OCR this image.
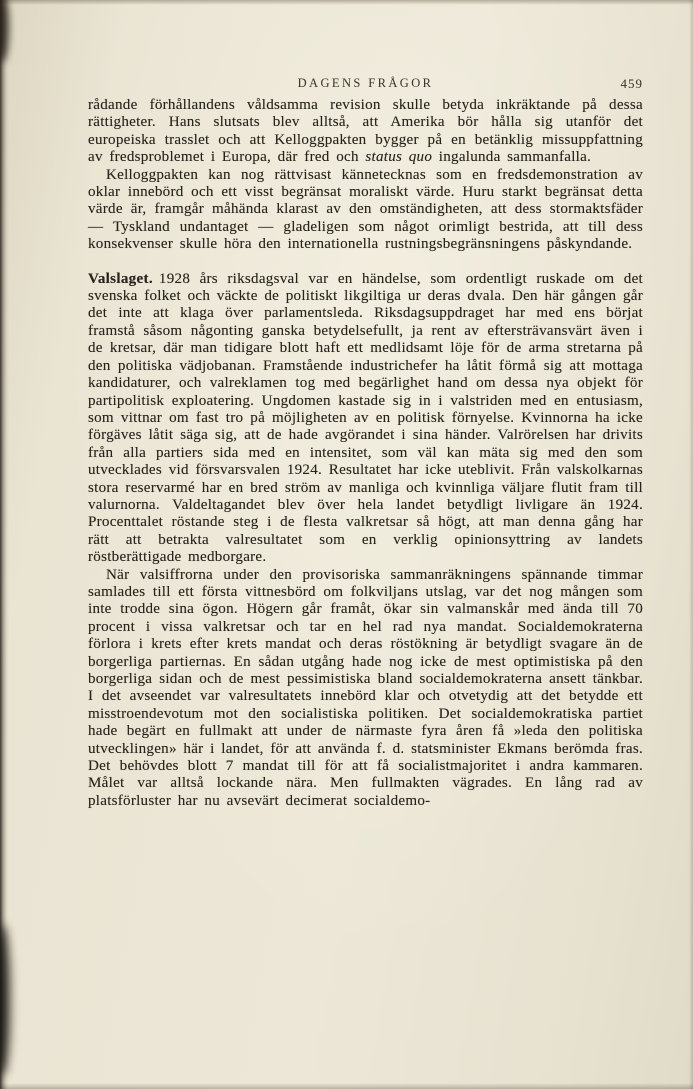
DAGENS FRÅGOR	459

rådande förhållandens våldsamma revision skulle betyda inkräktande på dessa rättigheter. Hans slutsats blev alltså, att Amerika bör hålla sig utanför det europeiska trasslet och att Kelloggpakten bygger på en betänklig missuppfattning av fredsproblemet i Europa, där fred och status quo ingalunda sammanfalla.

Kelloggpakten kan nog rättvisast kännetecknas som en fredsdemonstration av oklar innebörd och ett visst begränsat moraliskt värde. Huru starkt begränsat detta värde är, framgår måhända klarast av den omständigheten, att dess stormaktsfäder — Tyskland undantaget — gladeligen som något orimligt bestrida, att till dess konsekvenser skulle höra den internationella rustningsbegränsningens påskyndande.

Valslaget. 1928 års riksdagsval var en händelse, som ordentligt ruskade om det svenska folket och väckte de politiskt likgiltiga ur deras dvala. Den här gången går det inte att klaga över parlamentsleda. Riksdagsuppdraget har med ens börjat framstå såsom någonting ganska betydelsefullt, ja rent av eftersträvansvärt även i de kretsar, där man tidigare blott haft ett medlidsamt löje för de arma stretarna på den politiska vädjobanan. Framstående industrichefer ha låtit förmå sig att mottaga kandidaturer, och valreklamen tog med begärlighet hand om dessa nya objekt för partipolitisk exploatering. Ungdomen kastade sig in i valstriden med en entusiasm, som vittnar om fast tro på möjligheten av en politisk förnyelse. Kvinnorna ha icke förgäves låtit säga sig, att de hade avgörandet i sina händer. Valrörelsen har drivits från alla partiers sida med en intensitet, som väl kan mäta sig med den som utvecklades vid försvarsvalen 1924. Resultatet har icke uteblivit. Från valskolkarnas stora reservarmé har en bred ström av manliga och kvinnliga väljare flutit fram till valurnorna. Valdeltagandet blev över hela landet betydligt livligare än 1924. Procenttalet röstande steg i de flesta valkretsar så högt, att man denna gång har rätt att betrakta valresultatet som en verklig opinionsyttring av landets röstberättigade medborgare.

När valsiffrorna under den provisoriska sammanräkningens spännande timmar samlades till ett första vittnesbörd om folkviljans utslag, var det nog mången som inte trodde sina ögon. Högern går framåt, ökar sin valmanskår med ända till 70 procent i vissa valkretsar och tar en hel rad nya mandat. Socialdemokraterna förlora i krets efter krets mandat och deras röstökning är betydligt svagare än de borgerliga partiernas. En sådan utgång hade nog icke de mest optimistiska på den borgerliga sidan och de mest pessimistiska bland socialdemokraterna ansett tänkbar. I det avseendet var valresultatets innebörd klar och otvetydig att det betydde ett misstroendevotum mot den socialistiska politiken. Det socialdemokratiska partiet hade begärt en fullmakt att under de närmaste fyra åren få »leda den politiska utvecklingen» här i landet, för att använda f. d. statsminister Ekmans berömda fras. Det behövdes blott 7 mandat till för att få socialistmajoritet i andra kammaren. Målet var alltså lockande nära. Men fullmakten vägrades. En lång rad av platsförluster har nu avsevärt decimerat socialdemo-
